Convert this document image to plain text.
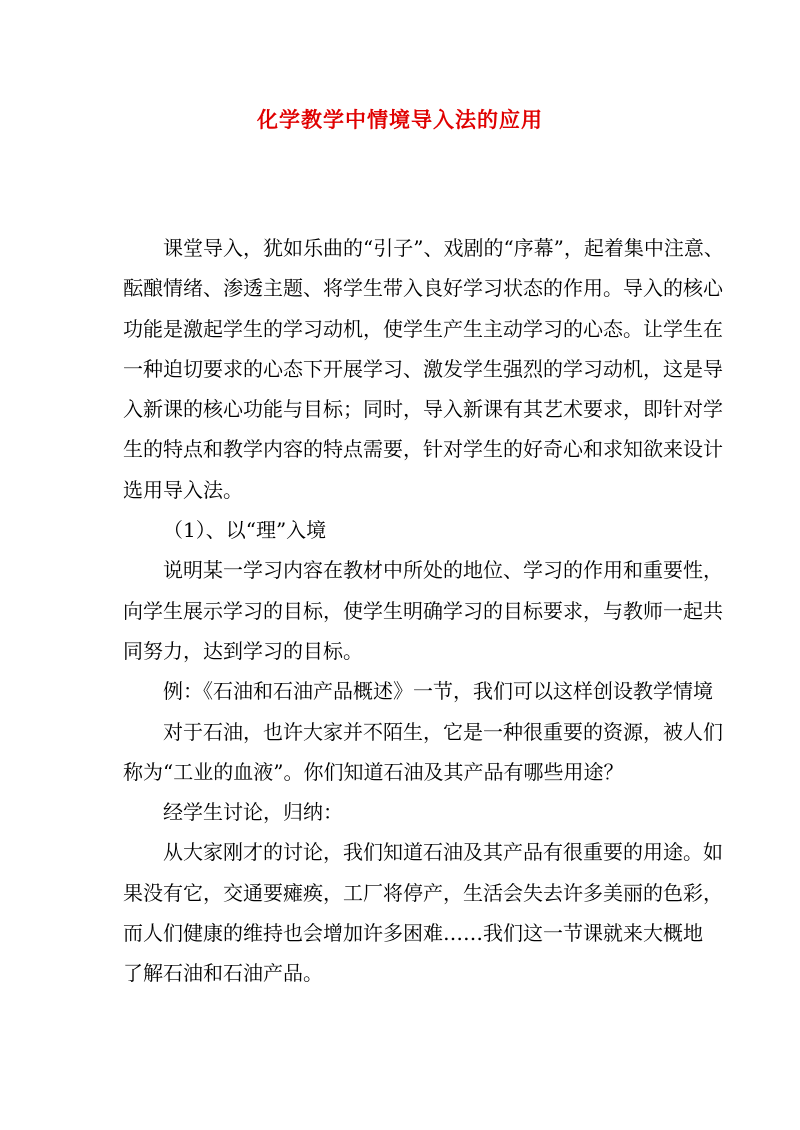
化学教学中情境导入法的应用
课堂导入，犹如乐曲的“引子”、戏剧的“序幕”，起着集中注意、
酝酿情绪、渗透主题、将学生带入良好学习状态的作用。导入的核心
功能是激起学生的学习动机，使学生产生主动学习的心态。让学生在
一种迫切要求的心态下开展学习、激发学生强烈的学习动机，这是导
入新课的核心功能与目标；同时，导入新课有其艺术要求，即针对学
生的特点和教学内容的特点需要，针对学生的好奇心和求知欲来设计
选用导入法。
（1）、以“理”入境
说明某一学习内容在教材中所处的地位、学习的作用和重要性，
向学生展示学习的目标，使学生明确学习的目标要求，与教师一起共
同努力，达到学习的目标。
例：《石油和石油产品概述》一节，我们可以这样创设教学情境
对于石油，也许大家并不陌生，它是一种很重要的资源，被人们
称为“工业的血液”。你们知道石油及其产品有哪些用途？
经学生讨论，归纳：
从大家刚才的讨论，我们知道石油及其产品有很重要的用途。如
果没有它，交通要瘫痪，工厂将停产，生活会失去许多美丽的色彩，
而人们健康的维持也会增加许多困难……我们这一节课就来大概地
了解石油和石油产品。
